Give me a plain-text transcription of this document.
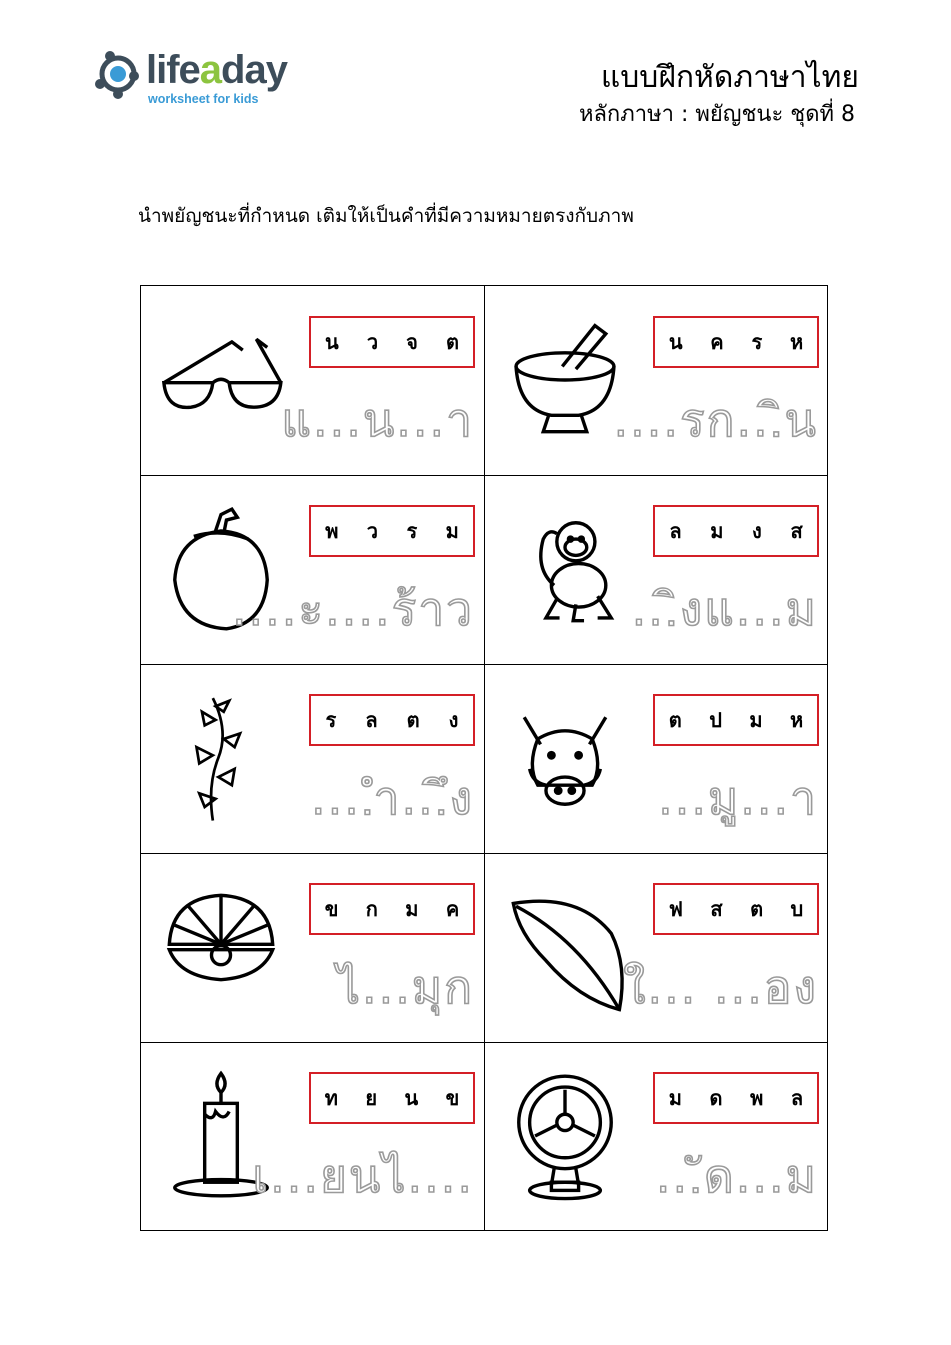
lifeaday
worksheet for kids
แบบฝึกหัดภาษาไทย
หลักภาษา : พยัญชนะ ชุดที่ 8
นำพยัญชนะที่กำหนด เติมให้เป็นคำที่มีความหมายตรงกับภาพ
น ว จ ต
แ...น...า
น ค ร ห
....รก...ิน
พ ว ร ม
....ะ....ร้าว
ล ม ง ส
...ิงแ...ม
ร ล ต ง
....ำ...ึง
ต ป ม ห
...มู...า
ข ก ม ค
ไ...มุก
ฟ ส ต บ
ใ... ...อง
ท ย น ข
เ...ยนไ....
ม ด พ ล
...ัด...ม
